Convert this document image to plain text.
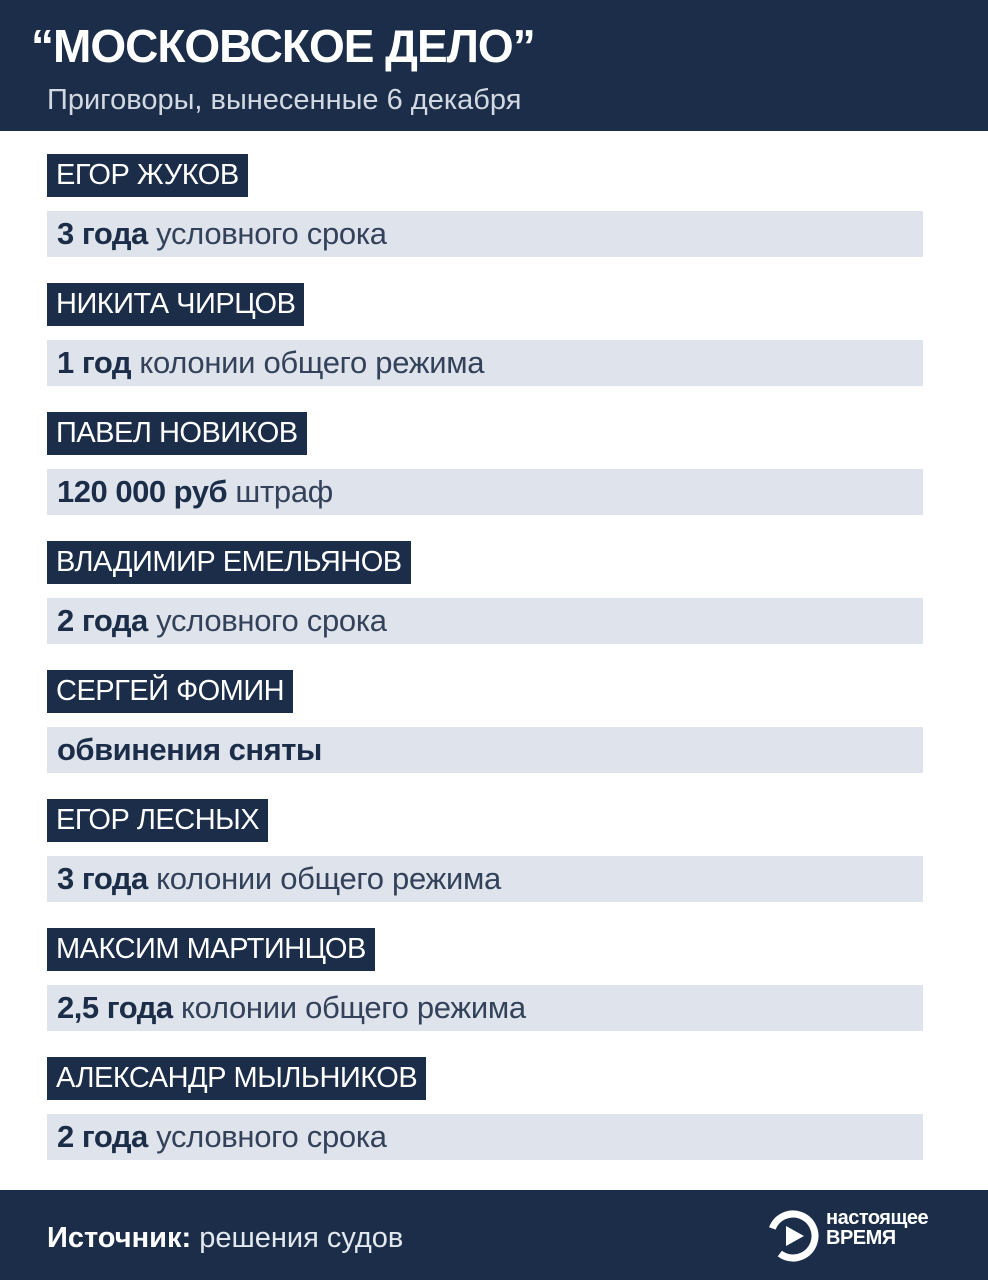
“МОСКОВСКОЕ ДЕЛО”
Приговоры, вынесенные 6 декабря
ЕГОР ЖУКОВ
3 года условного срока
НИКИТА ЧИРЦОВ
1 год колонии общего режима
ПАВЕЛ НОВИКОВ
120 000 руб штраф
ВЛАДИМИР ЕМЕЛЬЯНОВ
2 года условного срока
СЕРГЕЙ ФОМИН
обвинения сняты
ЕГОР ЛЕСНЫХ
3 года колонии общего режима
МАКСИМ МАРТИНЦОВ
2,5 года колонии общего режима
АЛЕКСАНДР МЫЛЬНИКОВ
2 года условного срока
Источник: решения судов
настоящее
ВРЕМЯ
